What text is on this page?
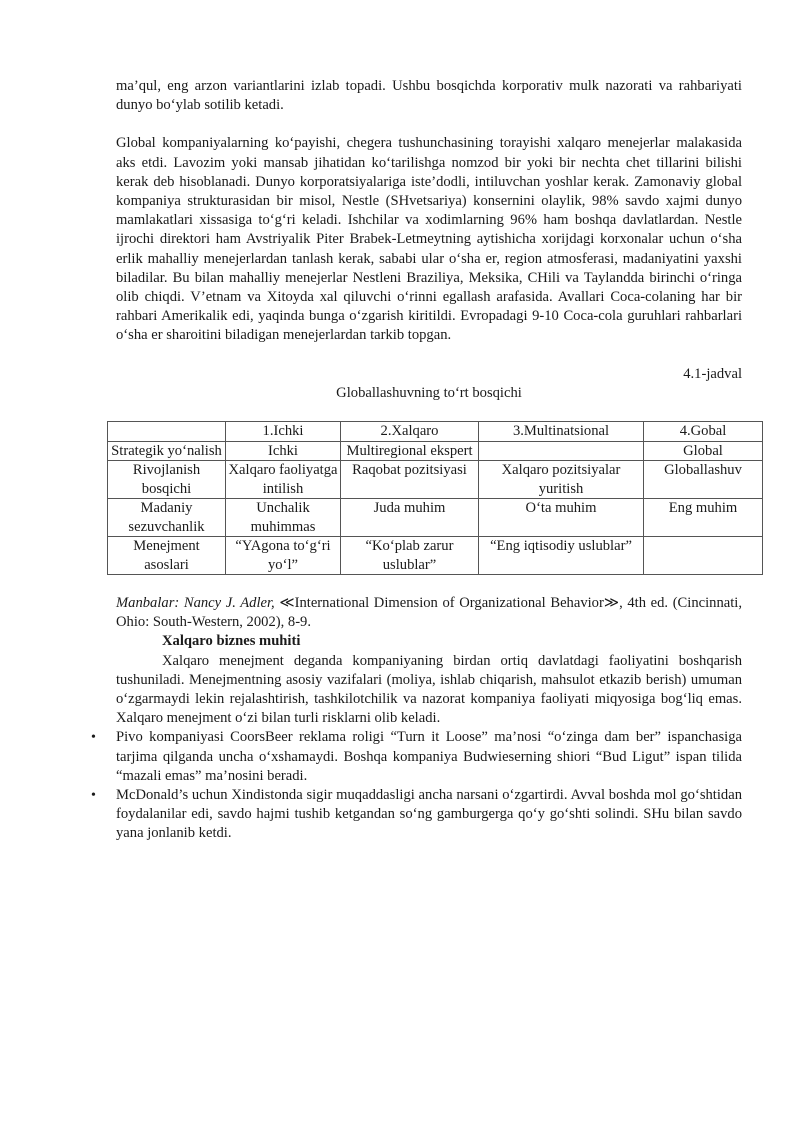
ma’qul, eng arzon variantlarini izlab topadi. Ushbu bosqichda korporativ mulk nazorati va rahbariyati dunyo bo‘ylab sotilib ketadi.

Global kompaniyalarning ko‘payishi, chegera tushunchasining torayishi xalqaro menejerlar malakasida aks etdi. Lavozim yoki mansab jihatidan ko‘tarilishga nomzod bir yoki bir nechta chet tillarini bilishi kerak deb hisoblanadi. Dunyo korporatsiyalariga iste’dodli, intiluvchan yoshlar kerak. Zamonaviy global kompaniya strukturasidan bir misol, Nestle (SHvetsariya) konsernini olaylik, 98% savdo xajmi dunyo mamlakatlari xissasiga to‘g‘ri keladi. Ishchilar va xodimlarning 96% ham boshqa davlatlardan. Nestle ijrochi direktori ham Avstriyalik Piter Brabek-Letmeytning aytishicha xorijdagi korxonalar uchun o‘sha erlik mahalliy menejerlardan tanlash kerak, sababi ular o‘sha er, region atmosferasi, madaniyatini yaxshi biladilar. Bu bilan mahalliy menejerlar Nestleni Braziliya, Meksika, CHili va Taylandda birinchi o‘ringa olib chiqdi. V’etnam va Xitoyda xal qiluvchi o‘rinni egallash arafasida. Avallari Coca-colaning har bir rahbari Amerikalik edi, yaqinda bunga o‘zgarish kiritildi. Evropadagi 9-10 Coca-cola guruhlari rahbarlari o‘sha er sharoitini biladigan menejerlardan tarkib topgan.

4.1-jadval

Globallashuvning to‘rt bosqichi

	1.Ichki	2.Xalqaro	3.Multinatsional	4.Gobal
Strategik yo‘nalish	Ichki	Multiregional ekspert		Global
Rivojlanish bosqichi	Xalqaro faoliyatga intilish	Raqobat pozitsiyasi	Xalqaro pozitsiyalar yuritish	Globallashuv
Madaniy sezuvchanlik	Unchalik muhimmas	Juda muhim	O‘ta muhim	Eng muhim
Menejment asoslari	“YAgona to‘g‘ri yo‘l”	“Ko‘plab zarur uslublar”	“Eng iqtisodiy uslublar”	

Manbalar: Nancy J. Adler, ≪International Dimension of Organizational Behavior≫, 4th ed. (Cincinnati, Ohio: South-Western, 2002), 8-9.

Xalqaro biznes muhiti

Xalqaro menejment deganda kompaniyaning birdan ortiq davlatdagi faoliyatini boshqarish tushuniladi. Menejmentning asosiy vazifalari (moliya, ishlab chiqarish, mahsulot etkazib berish) umuman o‘zgarmaydi lekin rejalashtirish, tashkilotchilik va nazorat kompaniya faoliyati miqyosiga bog‘liq emas. Xalqaro menejment o‘zi bilan turli risklarni olib keladi.

• Pivo kompaniyasi CoorsBeer reklama roligi “Turn it Loose” ma’nosi “o‘zinga dam ber” ispanchasiga tarjima qilganda uncha o‘xshamaydi. Boshqa kompaniya Budwieserning shiori “Bud Ligut” ispan tilida “mazali emas” ma’nosini beradi.
• McDonald’s uchun Xindistonda sigir muqaddasligi ancha narsani o‘zgartirdi. Avval boshda mol go‘shtidan foydalanilar edi, savdo hajmi tushib ketgandan so‘ng gamburgerga qo‘y go‘shti solindi. SHu bilan savdo yana jonlanib ketdi.
